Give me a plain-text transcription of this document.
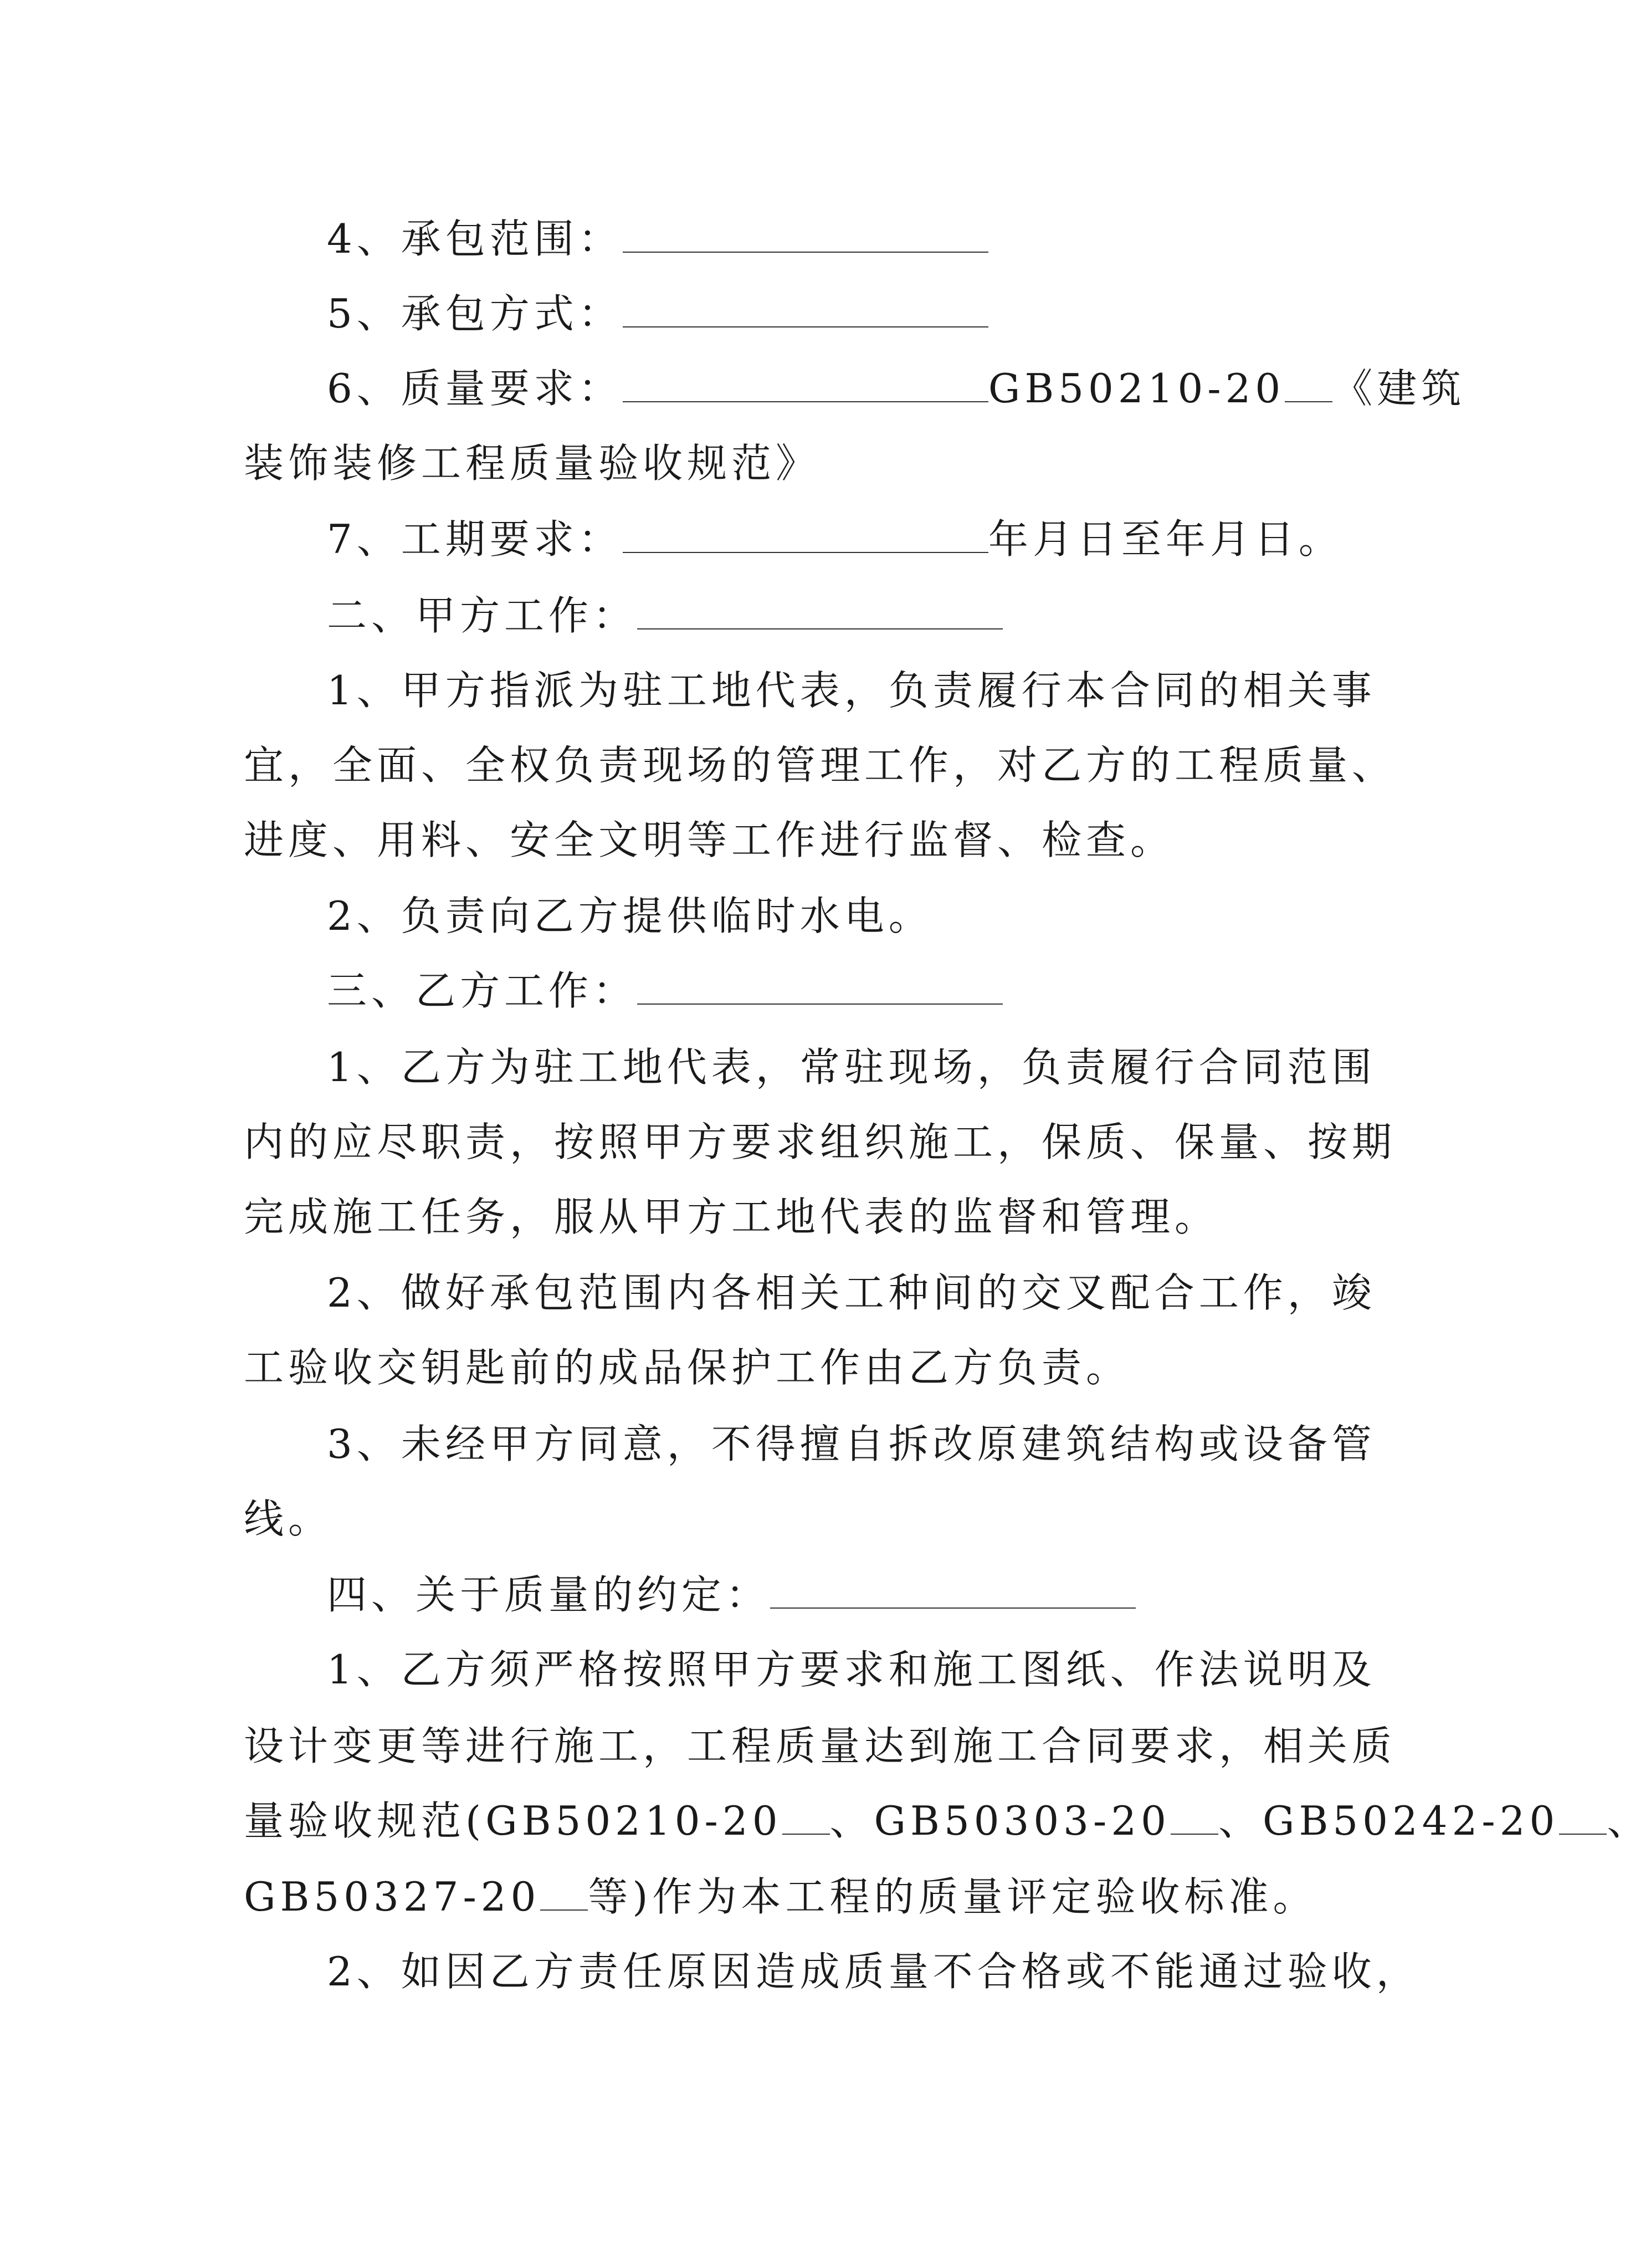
4、承包范围：
5、承包方式：
6、质量要求：	GB50210-20 《建筑
装饰装修工程质量验收规范》
7、工期要求：	年月日至年月日。
二、甲方工作：
1、甲方指派为驻工地代表，负责履行本合同的相关事
宜，全面、全权负责现场的管理工作，对乙方的工程质量、
进度、用料、安全文明等工作进行监督、检查。
2、负责向乙方提供临时水电。
三、乙方工作：
1、乙方为驻工地代表，常驻现场，负责履行合同范围
内的应尽职责，按照甲方要求组织施工，保质、保量、按期
完成施工任务，服从甲方工地代表的监督和管理。
2、做好承包范围内各相关工种间的交叉配合工作，竣
工验收交钥匙前的成品保护工作由乙方负责。
3、未经甲方同意，不得擅自拆改原建筑结构或设备管
线。
四、关于质量的约定：
1、乙方须严格按照甲方要求和施工图纸、作法说明及
设计变更等进行施工，工程质量达到施工合同要求，相关质
量验收规范(GB50210-20 、GB50303-20 、GB50242-20 、
GB50327-20 等)作为本工程的质量评定验收标准。
2、如因乙方责任原因造成质量不合格或不能通过验收，
